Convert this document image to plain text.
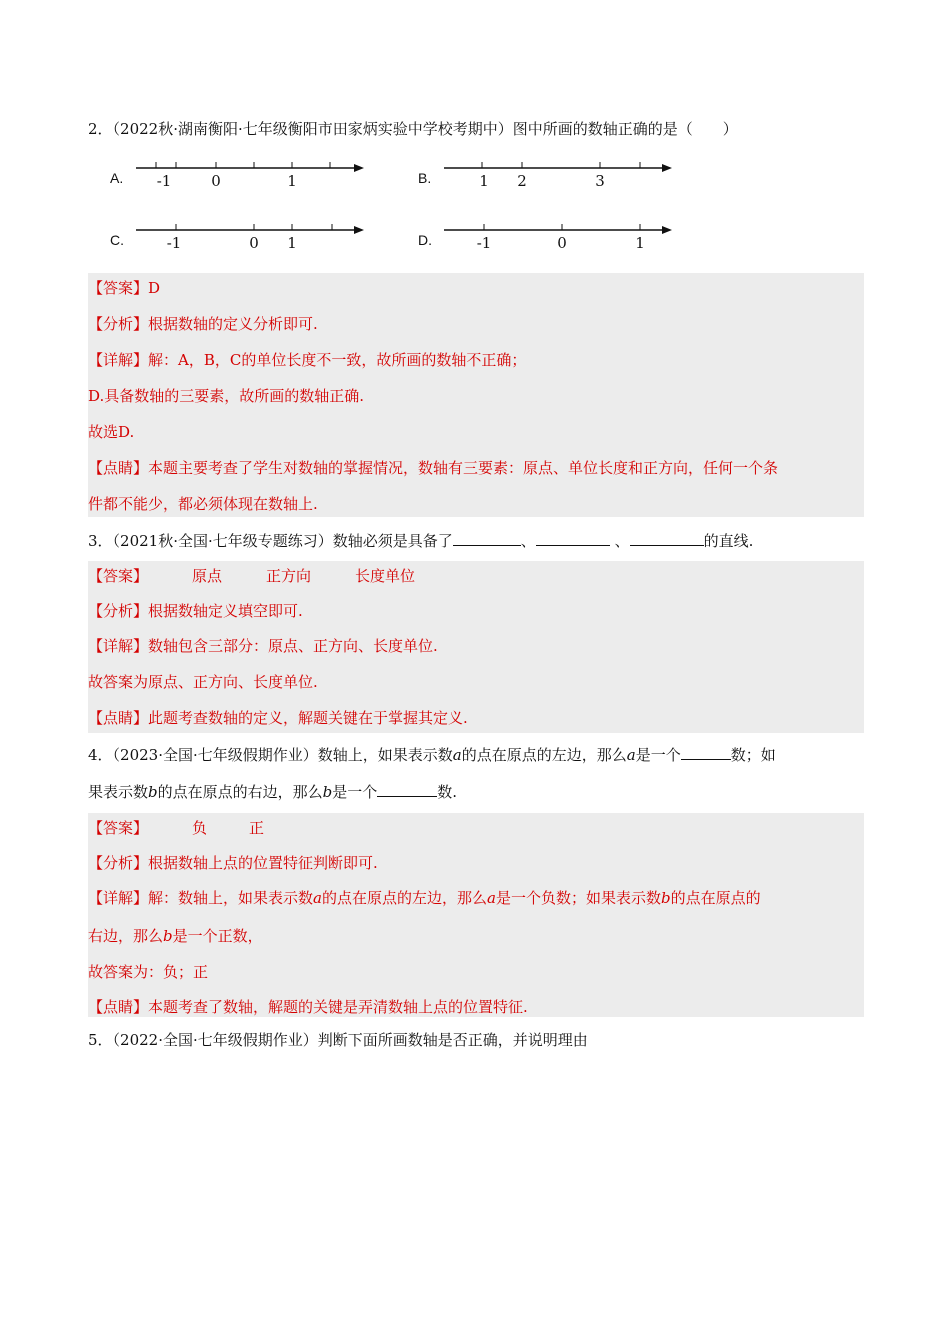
2．（2022秋·湖南衡阳·七年级衡阳市田家炳实验中学校考期中）图中所画的数轴正确的是（　　）
A. -1	0	1	B.	1 2	3
C.	-1	0 1	D.	-1	0	1
【答案】D
【分析】根据数轴的定义分析即可.
【详解】解：A，B，C的单位长度不一致，故所画的数轴不正确；
D.具备数轴的三要素，故所画的数轴正确.
故选D.
【点睛】本题主要考查了学生对数轴的掌握情况，数轴有三要素：原点、单位长度和正方向，任何一个条
件都不能少，都必须体现在数轴上.
3．（2021秋·全国·七年级专题练习）数轴必须是具备了	、	、	的直线.
【答案】	原点	正方向	长度单位
【分析】根据数轴定义填空即可.
【详解】数轴包含三部分：原点、正方向、长度单位.
故答案为原点、正方向、长度单位.
【点睛】此题考查数轴的定义，解题关键在于掌握其定义.
4．（2023·全国·七年级假期作业）数轴上，如果表示数a的点在原点的左边，那么a是一个	数；如
果表示数b的点在原点的右边，那么b是一个	数.
【答案】	负	正
【分析】根据数轴上点的位置特征判断即可.
【详解】解：数轴上，如果表示数a的点在原点的左边，那么a是一个负数；如果表示数b的点在原点的
右边，那么b是一个正数，
故答案为：负；正
【点睛】本题考查了数轴，解题的关键是弄清数轴上点的位置特征.
5．（2022·全国·七年级假期作业）判断下面所画数轴是否正确，并说明理由
